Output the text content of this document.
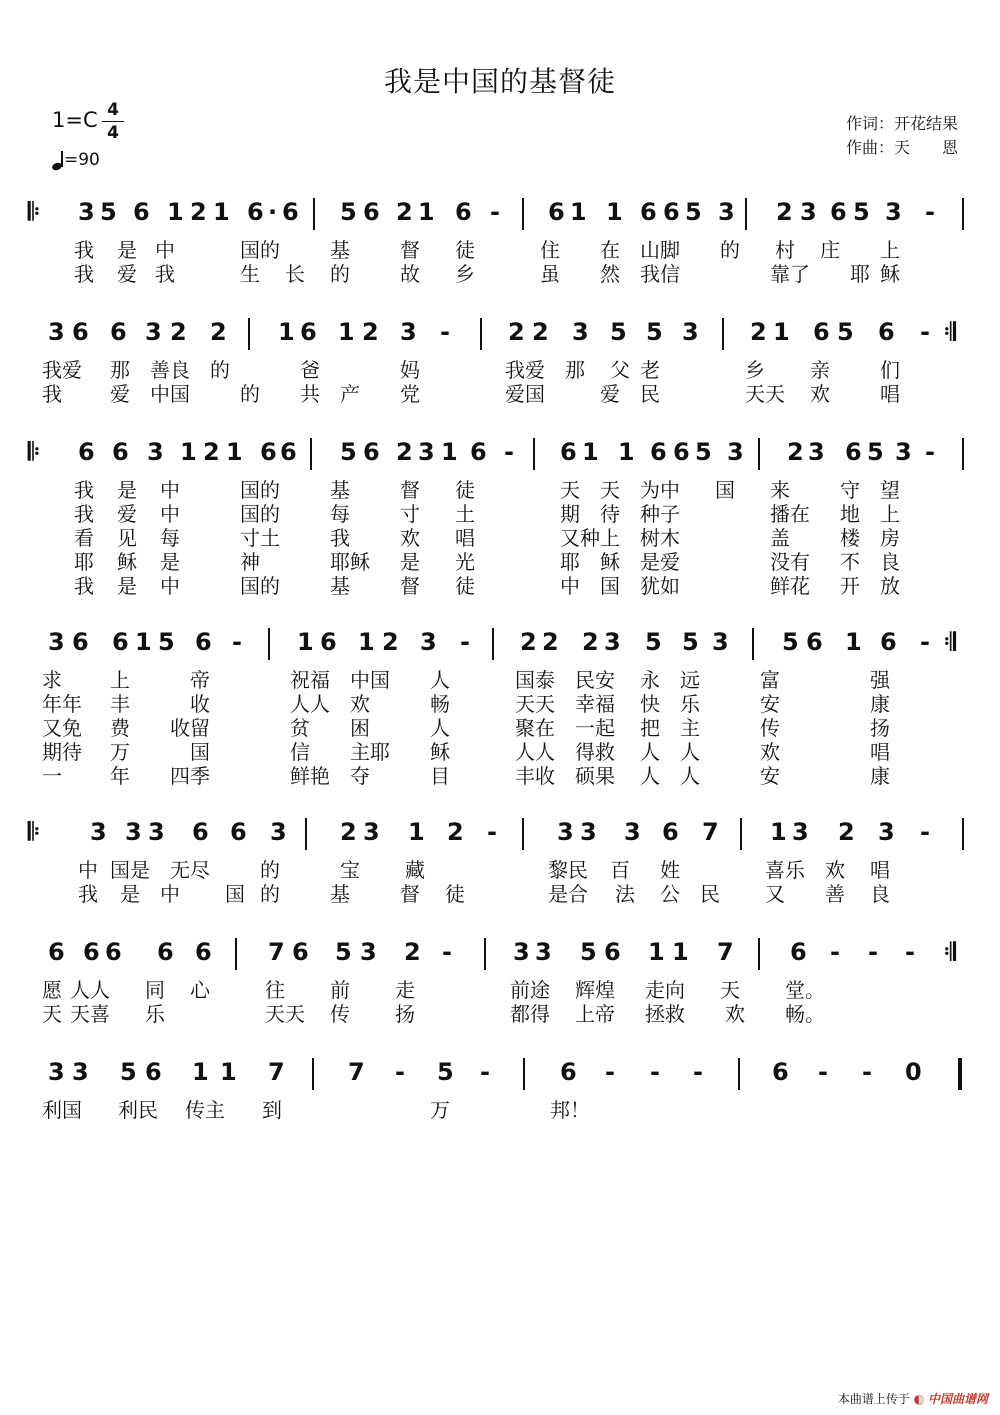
我是中国的基督徒
1=C 4
4
=90
作词：开花结果
作曲：天　　恩
𝄆 3 5 6 1 2 1 6 · 6 5 6 2 1 6 - 6 1 1 6 6 5 3 2 3 6 5 3 -
我 是 中	国的	基	督 徒	住 在 山脚 的 村 庄 上
我 爱 我	生 长 的	故 乡	虽 然 我信	靠了 耶 稣
3 6 6 3 2 2 1 6 1 2 3 - 2 2 3 5 5 3 2 1 6 5 6 - 𝄇
我爱 那 善良 的	爸	妈	我爱 那 父 老	乡 亲	们
我 爱 中国	的 共 产 党	爱国	爱 民	天天 欢	唱
𝄆 6 6 3 1 2 1 6 6 5 6 2 3 1 6 - 6 1 1 6 6 5 3 2 3 6 5 3 -
我 是 中	国的	基	督 徒	天 天 为中 国 来	守 望
我 爱 中	国的	每	寸 土	期 待 种子	播在 地 上
看 见 每	寸土	我	欢 唱	又种 上 树木	盖	楼 房
耶 稣 是	神	耶稣 是 光	耶 稣 是爱	没有 不 良
我 是 中	国的	基	督 徒	中 国 犹如	鲜花 开 放
3 6 6 1 5 6 - 1 6 1 2 3 - 2 2 2 3 5 5 3 5 6 1 6 - 𝄇
求 上	帝	祝福 中国 人	国泰 民安 永 远	富	强
年年 丰	收	人人 欢	畅	天天 幸福 快 乐	安	康
又免 费 收留	贫 困	人	聚在 一起 把 主	传	扬
期待 万	国	信 主耶 稣	人人 得救 人 人	欢	唱
一 年 四季	鲜艳 夺	目	丰收 硕果 人 人	安	康
𝄆 3 3 3 6 6 3 2 3 1 2 -	3 3 3 6 7 1 3 2 3 -
中 国是 无尽	的	宝 藏	黎民 百 姓	喜乐 欢 唱
我 是 中 国 的	基	督 徒	是合 法 公 民 又 善 良
6 6 6 6 6 7 6 5 3 2 -	3 3 5 6 1 1 7 6 - - - 𝄇
愿 人人 同 心	往 前 走	前途 辉煌 走向 天 堂。
天 天喜 乐	天天 传 扬	都得 上帝 拯救 欢 畅。
3 3 5 6 1 1 7	7 - 5 -	6 - - -	6 - - 0
利国 利民 传主 到	万	邦！
本曲谱上传于 ◐ 中国曲谱网
